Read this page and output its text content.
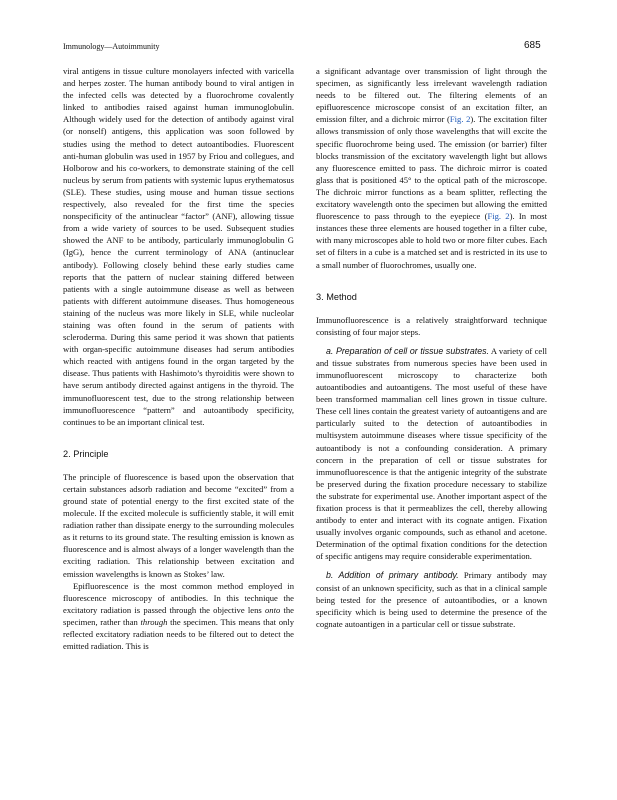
Immunology—Autoimmunity	685

viral antigens in tissue culture monolayers infected with varicella and herpes zoster. The human antibody bound to viral antigen in the infected cells was detected by a fluorochrome covalently linked to antibodies raised against human immunoglobulin. Although widely used for the detection of antibody against viral (or nonself) antigens, this application was soon followed by studies using the method to detect autoantibodies. Fluorescent anti-human globulin was used in 1957 by Friou and collegues, and Holborow and his co-workers, to demonstrate staining of the cell nucleus by serum from patients with systemic lupus erythematosus (SLE). These studies, using mouse and human tissue sections respectively, also revealed for the first time the species nonspecificity of the antinuclear “factor” (ANF), allowing tissue from a wide variety of sources to be used. Subsequent studies showed the ANF to be antibody, particularly immunoglobulin G (IgG), hence the current terminology of ANA (antinuclear antibody). Following closely behind these early studies came reports that the pattern of nuclear staining differed between patients with a single autoimmune disease as well as between patients with different autoimmune diseases. Thus homogeneous staining of the nucleus was more likely in SLE, while nucleolar staining was often found in the serum of patients with scleroderma. During this same period it was shown that patients with organ-specific autoimmune diseases had serum antibodies which reacted with antigens found in the organ targeted by the disease. Thus patients with Hashimoto’s thyroiditis were shown to have serum antibody directed against antigens in the thyroid. The immunofluorescent test, due to the strong relationship between immunofluorescence “pattern” and autoantibody specificity, continues to be an important clinical test.

2. Principle

The principle of fluorescence is based upon the observation that certain substances adsorb radiation and become “excited” from a ground state of potential energy to the first excited state of the molecule. If the excited molecule is sufficiently stable, it will emit radiation rather than dissipate energy to the surrounding molecules as it returns to its ground state. The resulting emission is known as fluorescence and is almost always of a longer wavelength than the exciting radiation. This relationship between excitation and emission wavelengths is known as Stokes’ law.

Epifluorescence is the most common method employed in fluorescence microscopy of antibodies. In this technique the excitatory radiation is passed through the objective lens onto the specimen, rather than through the specimen. This means that only reflected excitatory radiation needs to be filtered out to detect the emitted radiation. This is

a significant advantage over transmission of light through the specimen, as significantly less irrelevant wavelength radiation needs to be filtered out. The filtering elements of an epifluorescence microscope consist of an excitation filter, an emission filter, and a dichroic mirror (Fig. 2). The excitation filter allows transmission of only those wavelengths that will excite the specific fluorochrome being used. The emission (or barrier) filter blocks transmission of the excitatory wavelength light but allows any fluorescence emitted to pass. The dichroic mirror is coated glass that is positioned 45° to the optical path of the microscope. The dichroic mirror functions as a beam splitter, reflecting the excitatory wavelength onto the specimen but allowing the emitted fluorescence to pass through to the eyepiece (Fig. 2). In most instances these three elements are housed together in a filter cube, with many microscopes able to hold two or more filter cubes. Each set of filters in a cube is a matched set and is restricted in its use to a small number of fluorochromes, usually one.

3. Method

Immunofluorescence is a relatively straightforward technique consisting of four major steps.

a. Preparation of cell or tissue substrates. A variety of cell and tissue substrates from numerous species have been used in immunofluorescent microscopy to characterize both autoantibodies and autoantigens. The most useful of these have been transformed mammalian cell lines grown in tissue culture. These cell lines contain the greatest variety of autoantigens and are particularly suited to the detection of autoantibodies in multisystem autoimmune diseases where tissue specificity of the autoantibody is not a confounding consideration. A primary concern in the preparation of cell or tissue substrates for immunofluorescence is that the antigenic integrity of the substrate be preserved during the fixation procedure necessary to stabilize the substrate for experimental use. Another important aspect of the fixation process is that it permeablizes the cell, thereby allowing antibody to enter and interact with its cognate antigen. Fixation usually involves organic compounds, such as ethanol and acetone. Determination of the optimal fixation conditions for the detection of specific antigens may require considerable experimentation.

b. Addition of primary antibody. Primary antibody may consist of an unknown specificity, such as that in a clinical sample being tested for the presence of autoantibodies, or a known specificity which is being used to determine the presence of the cognate autoantigen in a particular cell or tissue substrate.
